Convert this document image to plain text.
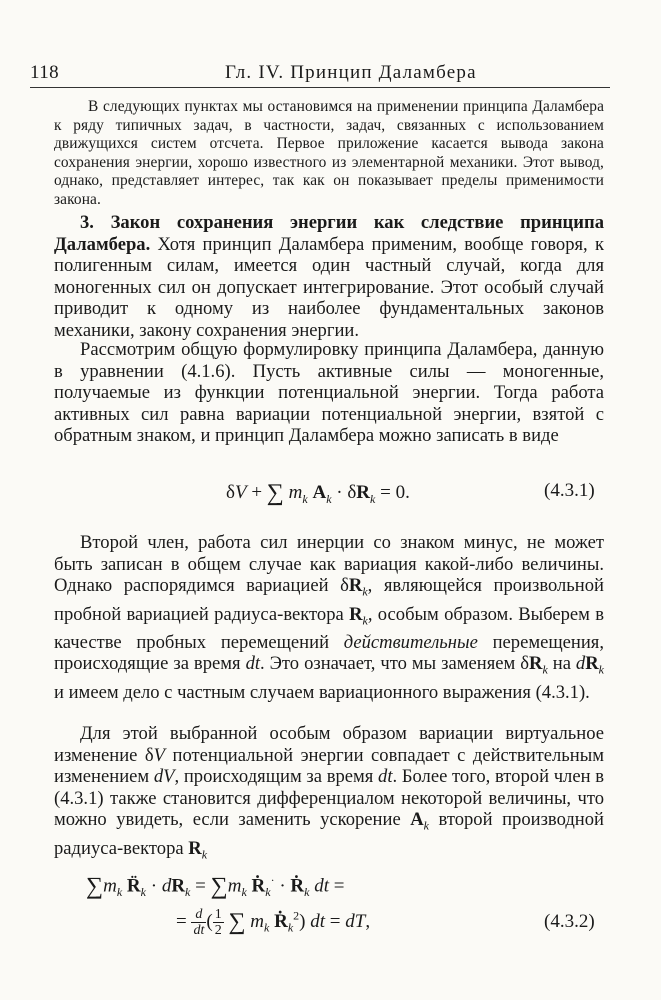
118	Гл. IV. Принцип Даламбера
В следующих пунктах мы остановимся на применении принципа Даламбера к ряду типичных задач, в частности, задач, связанных с использованием движущихся систем отсчета. Первое приложение касается вывода закона сохранения энергии, хорошо известного из элементарной механики. Этот вывод, однако, представляет интерес, так как он показывает пределы применимости закона.
3. Закон сохранения энергии как следствие принципа Даламбера. Хотя принцип Даламбера применим, вообще говоря, к полигенным силам, имеется один частный случай, когда для моногенных сил он допускает интегрирование. Этот особый случай приводит к одному из наиболее фундаментальных законов механики, закону сохранения энергии.
Рассмотрим общую формулировку принципа Даламбера, данную в уравнении (4.1.6). Пусть активные силы — моногенные, получаемые из функции потенциальной энергии. Тогда работа активных сил равна вариации потенциальной энергии, взятой с обратным знаком, и принцип Даламбера можно записать в виде
δV + ∑ $m_k$ $A_k \cdot \delta R_k = 0$.	(4.3.1)
Второй член, работа сил инерции со знаком минус, не может быть записан в общем случае как вариация какой-либо величины. Однако распорядимся вариацией $\delta R_k$, являющейся произвольной пробной вариацией радиуса-вектора $R_k$, особым образом. Выберем в качестве пробных перемещений действительные перемещения, происходящие за время dt. Это означает, что мы заменяем $\delta R_k$ на $dR_k$ и имеем дело с частным случаем вариационного выражения (4.3.1).
Для этой выбранной особым образом вариации виртуальное изменение δV потенциальной энергии совпадает с действительным изменением dV, происходящим за время dt. Более того, второй член в (4.3.1) также становится дифференциалом некоторой величины, что можно увидеть, если заменить ускорение $A_k$ второй производной радиуса-вектора $R_k$
$\sum m_k$ $R̈_k \cdot dR_k = \sum m_k$ Ṙ$_k$· · Ṙ$_k$ dt =
= $\frac{d}{dt}$ ( $\frac{1}{2}$ ∑ $m_k$ Ṙ$_k^2$) dt = dT,	(4.3.2)
